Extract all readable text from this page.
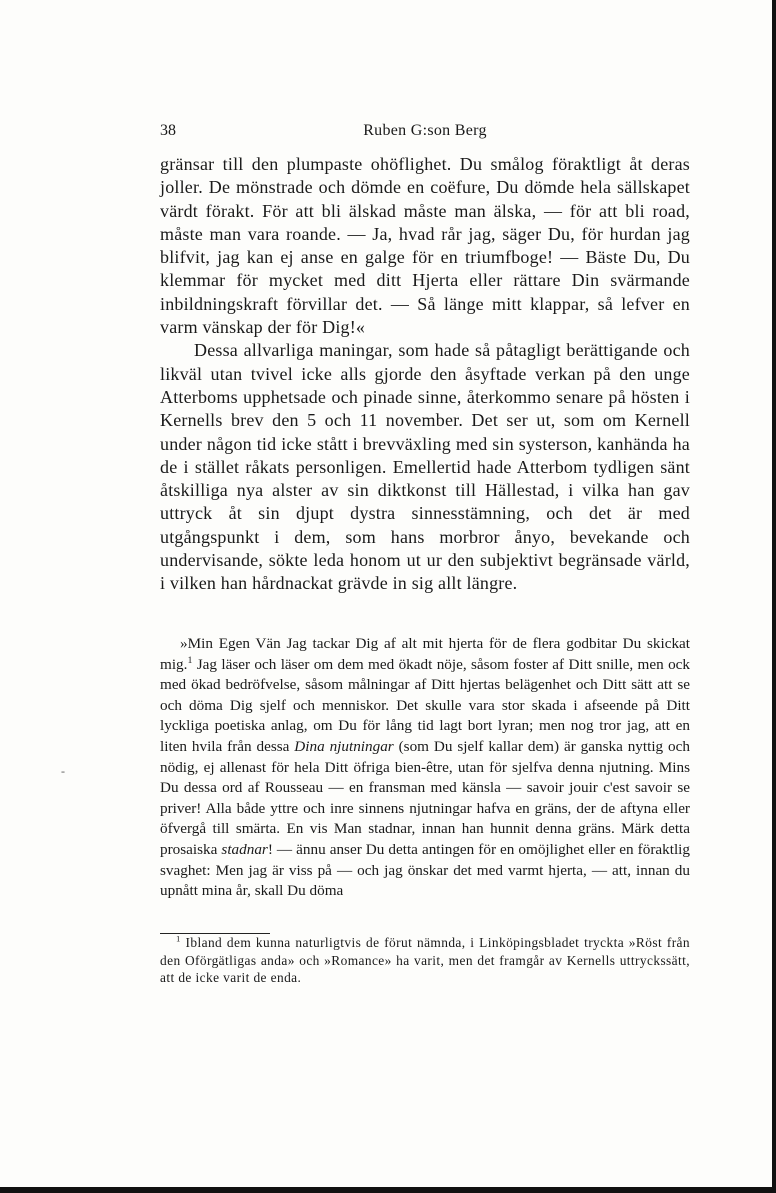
38	Ruben G:son Berg

gränsar till den plumpaste ohöflighet. Du smålog föraktligt åt deras joller. De mönstrade och dömde en coëfure, Du dömde hela sällskapet värdt förakt. För att bli älskad måste man älska, — för att bli road, måste man vara roande. — Ja, hvad rår jag, säger Du, för hurdan jag blifvit, jag kan ej anse en galge för en triumfboge! — Bäste Du, Du klemmar för mycket med ditt Hjerta eller rättare Din svärmande inbildningskraft förvillar det. — Så länge mitt klappar, så lefver en varm vänskap der för Dig!«

Dessa allvarliga maningar, som hade så påtagligt berättigande och likväl utan tvivel icke alls gjorde den åsyftade verkan på den unge Atterboms upphetsade och pinade sinne, återkommo senare på hösten i Kernells brev den 5 och 11 november. Det ser ut, som om Kernell under någon tid icke stått i brevväxling med sin systerson, kanhända ha de i stället råkats personligen. Emellertid hade Atterbom tydligen sänt åtskilliga nya alster av sin diktkonst till Hällestad, i vilka han gav uttryck åt sin djupt dystra sinnesstämning, och det är med utgångspunkt i dem, som hans morbror ånyo, bevekande och undervisande, sökte leda honom ut ur den subjektivt begränsade värld, i vilken han hårdnackat grävde in sig allt längre.

»Min Egen Vän Jag tackar Dig af alt mit hjerta för de flera godbitar Du skickat mig.$^1$ Jag läser och läser om dem med ökadt nöje, såsom foster af Ditt snille, men ock med ökad bedröfvelse, såsom målningar af Ditt hjertas belägenhet och Ditt sätt att se och döma Dig sjelf och menniskor. Det skulle vara stor skada i afseende på Ditt lyckliga poetiska anlag, om Du för lång tid lagt bort lyran; men nog tror jag, att en liten hvila från dessa Dina njutningar (som Du sjelf kallar dem) är ganska nyttig och nödig, ej allenast för hela Ditt öfriga bien-être, utan för sjelfva denna njutning. Mins Du dessa ord af Rousseau — en fransman med känsla — savoir jouir c'est savoir se priver! Alla både yttre och inre sinnens njutningar hafva en gräns, der de aftyna eller öfvergå till smärta. En vis Man stadnar, innan han hunnit denna gräns. Märk detta prosaiska stadnar! — ännu anser Du detta antingen för en omöjlighet eller en föraktlig svaghet: Men jag är viss på — och jag önskar det med varmt hjerta, — att, innan du upnått mina år, skall Du döma

$^1$ Ibland dem kunna naturligtvis de förut nämnda, i Linköpingsbladet tryckta »Röst från den Oförgätligas anda» och »Romance» ha varit, men det framgår av Kernells uttryckssätt, att de icke varit de enda.

-
